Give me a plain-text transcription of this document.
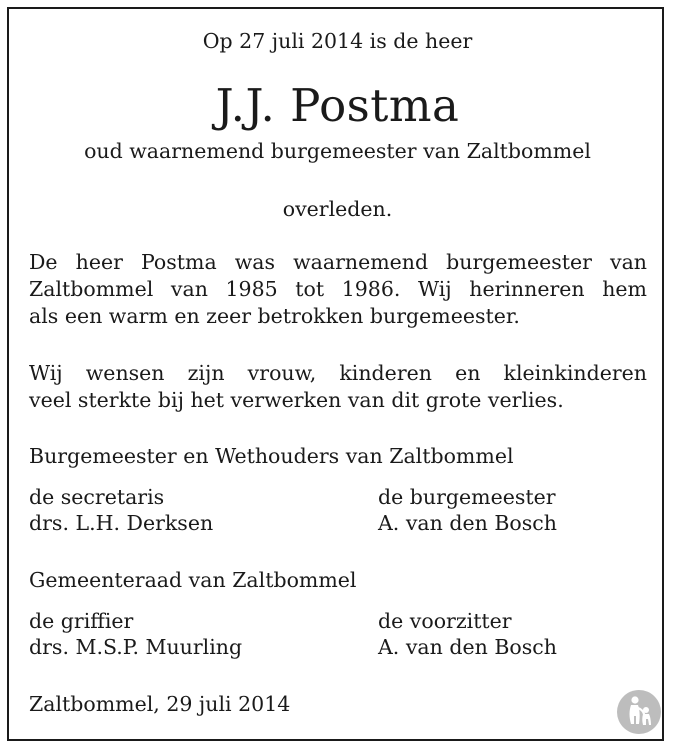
Op 27 juli 2014 is de heer
J.J. Postma
oud waarnemend burgemeester van Zaltbommel
overleden.
De heer Postma was waarnemend burgemeester van
Zaltbommel van 1985 tot 1986. Wij herinneren hem
als een warm en zeer betrokken burgemeester.
Wij wensen zijn vrouw, kinderen en kleinkinderen
veel sterkte bij het verwerken van dit grote verlies.
Burgemeester en Wethouders van Zaltbommel
de secretaris	de burgemeester
drs. L.H. Derksen	A. van den Bosch
Gemeenteraad van Zaltbommel
de griffier	de voorzitter
drs. M.S.P. Muurling	A. van den Bosch
Zaltbommel, 29 juli 2014
